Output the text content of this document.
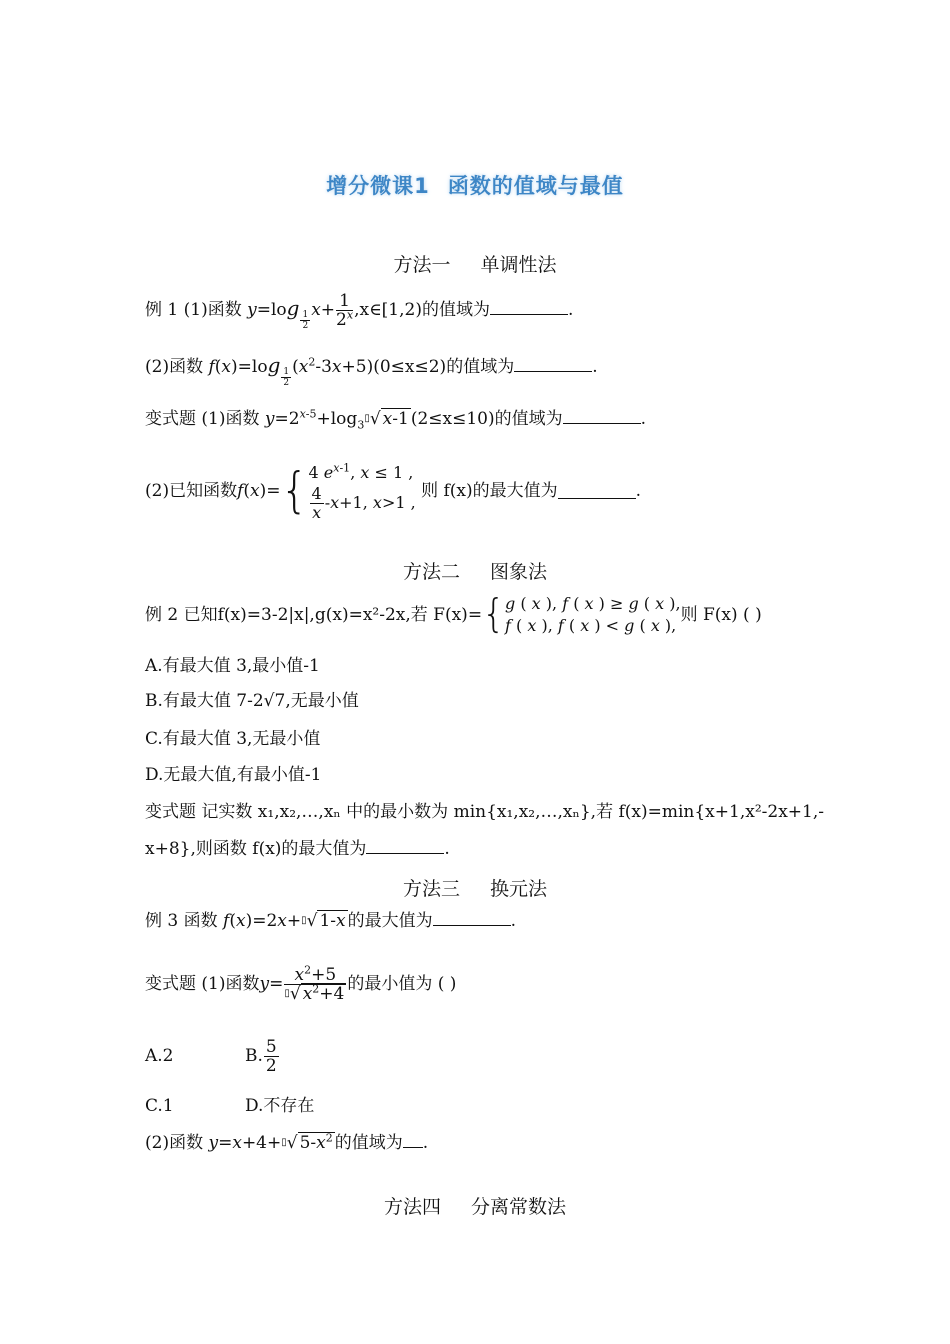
增分微课1 函数的值域与最值
方法一 单调性法
例 1 (1)函数 y=log
$_{\frac{1}{2}}$ $x+ \frac{1}{2^x}$ ,x∈[1,2)的值域为	.
(2)函数 f(x)=log
$_{\frac{1}{2}}$ $(x^2-3x+5)(0\le x\le 2)$的值域为	.
变式题 (1)函数 $y=2^{x-5}+\log_3^▯√$ x-1 (2≤x≤10)的值域为	.
(2)已知函数 f ( x )= { 4 $e^{x-1}$, x ≤ 1 ,

$\frac{4}{x} -x+1$, x>1 ,

则 f(x)的最大值为	.
方法二 图象法
例 2 已知 f(x)=3-2|x|,g(x)=x²-2x,若 F(x)= { g ( x ), f ( x ) ≥ g ( x ),
f ( x ), f ( x ) < g ( x ),
则 F(x) ( )
A.有最大值 3,最小值-1
B.有最大值 7-2√7,无最小值
C.有最大值 3,无最小值
D.无最大值,有最小值-1
变式题 记实数 x₁,x₂,…,xₙ 中的最小数为 min{x₁,x₂,…,xₙ},若 f(x)=min{x+1,x²-2x+1,-
x+8},则函数 f(x)的最大值为	.
方法三 换元法
例 3 函数 f(x)=2x+▯√ 1-x 的最大值为	.
变式题 (1)函数 $y = \frac{x^2+5}{^▯√ x^2+4}$ 的最小值为 ( )
A.2	B. $\frac{5}{2}$
C.1	D.不存在
(2)函数 y=x+4+▯√ $5-x^2$ 的值域为 .
方法四 分离常数法
